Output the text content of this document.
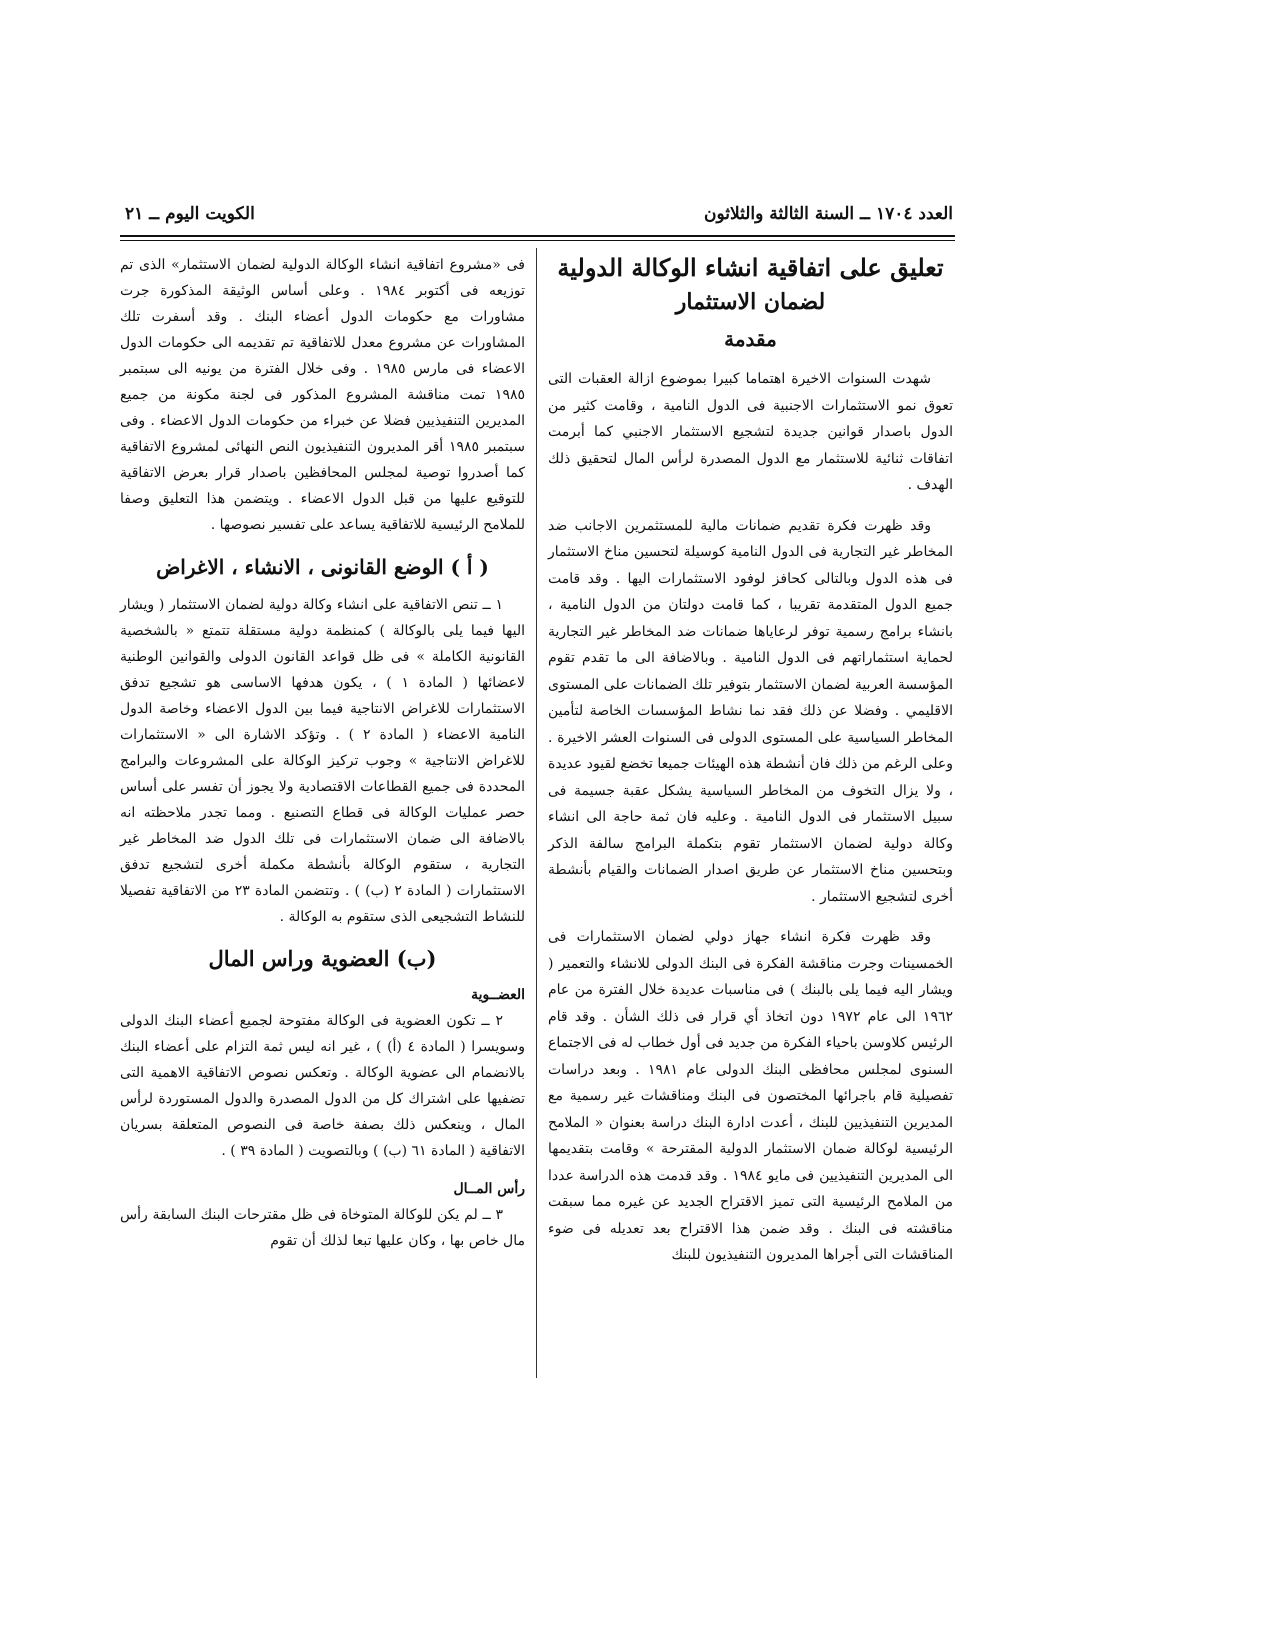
العدد ١٧٠٤ ــ السنة الثالثة والثلاثون
الكويت اليوم ــ ٢١
تعليق على اتفاقية انشاء الوكالة الدولية
لضمان الاستثمار
مقدمة

شهدت السنوات الاخيرة اهتماما كبيرا بموضوع ازالة العقبات التى تعوق نمو الاستثمارات الاجنبية فى الدول النامية ، وقامت كثير من الدول باصدار قوانين جديدة لتشجيع الاستثمار الاجنبي كما أبرمت اتفاقات ثنائية للاستثمار مع الدول المصدرة لرأس المال لتحقيق ذلك الهدف .

وقد ظهرت فكرة تقديم ضمانات مالية للمستثمرين الاجانب ضد المخاطر غير التجارية فى الدول النامية كوسيلة لتحسين مناخ الاستثمار فى هذه الدول وبالتالى كحافز لوفود الاستثمارات اليها . وقد قامت جميع الدول المتقدمة تقريبا ، كما قامت دولتان من الدول النامية ، بانشاء برامج رسمية توفر لرعاياها ضمانات ضد المخاطر غير التجارية لحماية استثماراتهم فى الدول النامية . وبالاضافة الى ما تقدم تقوم المؤسسة العربية لضمان الاستثمار بتوفير تلك الضمانات على المستوى الاقليمي . وفضلا عن ذلك فقد نما نشاط المؤسسات الخاصة لتأمين المخاطر السياسية على المستوى الدولى فى السنوات العشر الاخيرة . وعلى الرغم من ذلك فان أنشطة هذه الهيئات جميعا تخضع لقيود عديدة ، ولا يزال التخوف من المخاطر السياسية يشكل عقبة جسيمة فى سبيل الاستثمار فى الدول النامية . وعليه فان ثمة حاجة الى انشاء وكالة دولية لضمان الاستثمار تقوم بتكملة البرامج سالفة الذكر وبتحسين مناخ الاستثمار عن طريق اصدار الضمانات والقيام بأنشطة أخرى لتشجيع الاستثمار .

وقد ظهرت فكرة انشاء جهاز دولي لضمان الاستثمارات فى الخمسينات وجرت مناقشة الفكرة فى البنك الدولى للانشاء والتعمير ( ويشار اليه فيما يلى بالبنك ) فى مناسبات عديدة خلال الفترة من عام ١٩٦٢ الى عام ١٩٧٢ دون اتخاذ أي قرار فى ذلك الشأن . وقد قام الرئيس كلاوسن باحياء الفكرة من جديد فى أول خطاب له فى الاجتماع السنوى لمجلس محافظى البنك الدولى عام ١٩٨١ . وبعد دراسات تفصيلية قام باجرائها المختصون فى البنك ومناقشات غير رسمية مع المديرين التنفيذيين للبنك ، أعدت ادارة البنك دراسة بعنوان « الملامح الرئيسية لوكالة ضمان الاستثمار الدولية المقترحة » وقامت بتقديمها الى المديرين التنفيذيين فى مايو ١٩٨٤ . وقد قدمت هذه الدراسة عددا من الملامح الرئيسية التى تميز الاقتراح الجديد عن غيره مما سبقت مناقشته فى البنك . وقد ضمن هذا الاقتراح بعد تعديله فى ضوء المناقشات التى أجراها المديرون التنفيذيون للبنك

فى «مشروع اتفاقية انشاء الوكالة الدولية لضمان الاستثمار» الذى تم توزيعه فى أكتوبر ١٩٨٤ . وعلى أساس الوثيقة المذكورة جرت مشاورات مع حكومات الدول أعضاء البنك . وقد أسفرت تلك المشاورات عن مشروع معدل للاتفاقية تم تقديمه الى حكومات الدول الاعضاء فى مارس ١٩٨٥ . وفى خلال الفترة من يونيه الى سبتمبر ١٩٨٥ تمت مناقشة المشروع المذكور فى لجنة مكونة من جميع المديرين التنفيذيين فضلا عن خبراء من حكومات الدول الاعضاء . وفى سبتمبر ١٩٨٥ أقر المديرون التنفيذيون النص النهائى لمشروع الاتفاقية كما أصدروا توصية لمجلس المحافظين باصدار قرار بعرض الاتفاقية للتوقيع عليها من قبل الدول الاعضاء . ويتضمن هذا التعليق وصفا للملامح الرئيسية للاتفاقية يساعد على تفسير نصوصها .

( أ ) الوضع القانونى ، الانشاء ، الاغراض

١ ــ تنص الاتفاقية على انشاء وكالة دولية لضمان الاستثمار ( ويشار اليها فيما يلى بالوكالة ) كمنظمة دولية مستقلة تتمتع « بالشخصية القانونية الكاملة » فى ظل قواعد القانون الدولى والقوانين الوطنية لاعضائها ( المادة ١ ) ، يكون هدفها الاساسى هو تشجيع تدفق الاستثمارات للاغراض الانتاجية فيما بين الدول الاعضاء وخاصة الدول النامية الاعضاء ( المادة ٢ ) . وتؤكد الاشارة الى « الاستثمارات للاغراض الانتاجية » وجوب تركيز الوكالة على المشروعات والبرامج المحددة فى جميع القطاعات الاقتصادية ولا يجوز أن تفسر على أساس حصر عمليات الوكالة فى قطاع التصنيع . ومما تجدر ملاحظته انه بالاضافة الى ضمان الاستثمارات فى تلك الدول ضد المخاطر غير التجارية ، ستقوم الوكالة بأنشطة مكملة أخرى لتشجيع تدفق الاستثمارات ( المادة ٢ (ب) ) . وتتضمن المادة ٢٣ من الاتفاقية تفصيلا للنشاط التشجيعى الذى ستقوم به الوكالة .

(ب) العضوية وراس المال
العضــوية

٢ ــ تكون العضوية فى الوكالة مفتوحة لجميع أعضاء البنك الدولى وسويسرا ( المادة ٤ (أ) ) ، غير انه ليس ثمة التزام على أعضاء البنك بالانضمام الى عضوية الوكالة . وتعكس نصوص الاتفاقية الاهمية التى تضفيها على اشتراك كل من الدول المصدرة والدول المستوردة لرأس المال ، وينعكس ذلك بصفة خاصة فى النصوص المتعلقة بسريان الاتفاقية ( المادة ٦١ (ب) ) وبالتصويت ( المادة ٣٩ ) .

رأس المــال

٣ ــ لم يكن للوكالة المتوخاة فى ظل مقترحات البنك السابقة رأس مال خاص بها ، وكان عليها تبعا لذلك أن تقوم
